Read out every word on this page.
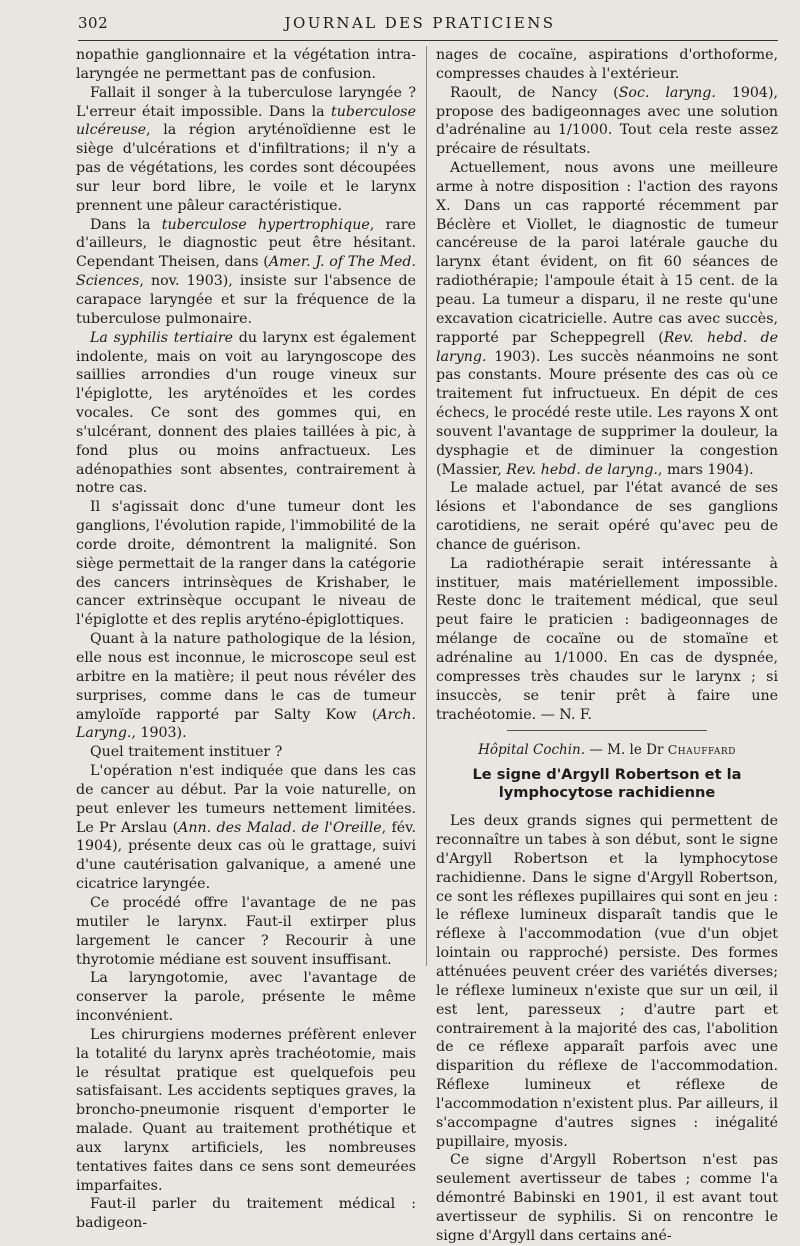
302	JOURNAL DES PRATICIENS

nopathie ganglionnaire et la végétation intra-laryngée ne permettant pas de confusion.

Fallait il songer à la tuberculose laryngée ? L'erreur était impossible. Dans la tuberculose ulcéreuse, la région aryténoïdienne est le siège d'ulcérations et d'infiltrations; il n'y a pas de végétations, les cordes sont découpées sur leur bord libre, le voile et le larynx prennent une pâleur caractéristique.

Dans la tuberculose hypertrophique, rare d'ailleurs, le diagnostic peut être hésitant. Cependant Theisen, dans (Amer. J. of The Med. Sciences, nov. 1903), insiste sur l'absence de carapace laryngée et sur la fréquence de la tuberculose pulmonaire.

La syphilis tertiaire du larynx est également indolente, mais on voit au laryngoscope des saillies arrondies d'un rouge vineux sur l'épiglotte, les aryténoïdes et les cordes vocales. Ce sont des gommes qui, en s'ulcérant, donnent des plaies taillées à pic, à fond plus ou moins anfractueux. Les adénopathies sont absentes, contrairement à notre cas.

Il s'agissait donc d'une tumeur dont les ganglions, l'évolution rapide, l'immobilité de la corde droite, démontrent la malignité. Son siège permettait de la ranger dans la catégorie des cancers intrinsèques de Krishaber, le cancer extrinsèque occupant le niveau de l'épiglotte et des replis aryténo-épiglottiques.

Quant à la nature pathologique de la lésion, elle nous est inconnue, le microscope seul est arbitre en la matière; il peut nous révéler des surprises, comme dans le cas de tumeur amyloïde rapporté par Salty Kow (Arch. Laryng., 1903).

Quel traitement instituer ?

L'opération n'est indiquée que dans les cas de cancer au début. Par la voie naturelle, on peut enlever les tumeurs nettement limitées. Le Pr Arslau (Ann. des Malad. de l'Oreille, fév. 1904), présente deux cas où le grattage, suivi d'une cautérisation galvanique, a amené une cicatrice laryngée.

Ce procédé offre l'avantage de ne pas mutiler le larynx. Faut-il extirper plus largement le cancer ? Recourir à une thyrotomie médiane est souvent insuffisant.

La laryngotomie, avec l'avantage de conserver la parole, présente le même inconvénient.

Les chirurgiens modernes préfèrent enlever la totalité du larynx après trachéotomie, mais le résultat pratique est quelquefois peu satisfaisant. Les accidents septiques graves, la broncho-pneumonie risquent d'emporter le malade. Quant au traitement prothétique et aux larynx artificiels, les nombreuses tentatives faites dans ce sens sont demeurées imparfaites.

Faut-il parler du traitement médical : badigeon-

nages de cocaïne, aspirations d'orthoforme, compresses chaudes à l'extérieur.

Raoult, de Nancy (Soc. laryng. 1904), propose des badigeonnages avec une solution d'adrénaline au 1/1000. Tout cela reste assez précaire de résultats.

Actuellement, nous avons une meilleure arme à notre disposition : l'action des rayons X. Dans un cas rapporté récemment par Béclère et Viollet, le diagnostic de tumeur cancéreuse de la paroi latérale gauche du larynx étant évident, on fit 60 séances de radiothérapie; l'ampoule était à 15 cent. de la peau. La tumeur a disparu, il ne reste qu'une excavation cicatricielle. Autre cas avec succès, rapporté par Scheppegrell (Rev. hebd. de laryng. 1903). Les succès néanmoins ne sont pas constants. Moure présente des cas où ce traitement fut infructueux. En dépit de ces échecs, le procédé reste utile. Les rayons X ont souvent l'avantage de supprimer la douleur, la dysphagie et de diminuer la congestion (Massier, Rev. hebd. de laryng., mars 1904).

Le malade actuel, par l'état avancé de ses lésions et l'abondance de ses ganglions carotidiens, ne serait opéré qu'avec peu de chance de guérison.

La radiothérapie serait intéressante à instituer, mais matériellement impossible. Reste donc le traitement médical, que seul peut faire le praticien : badigeonnages de mélange de cocaïne ou de stomaïne et adrénaline au 1/1000. En cas de dyspnée, compresses très chaudes sur le larynx ; si insuccès, se tenir prêt à faire une trachéotomie. — N. F.

Hôpital Cochin. — M. le Dr Chauffard

Le signe d'Argyll Robertson et la lymphocytose rachidienne

Les deux grands signes qui permettent de reconnaître un tabes à son début, sont le signe d'Argyll Robertson et la lymphocytose rachidienne. Dans le signe d'Argyll Robertson, ce sont les réflexes pupillaires qui sont en jeu : le réflexe lumineux disparaît tandis que le réflexe à l'accommodation (vue d'un objet lointain ou rapproché) persiste. Des formes atténuées peuvent créer des variétés diverses; le réflexe lumineux n'existe que sur un œil, il est lent, paresseux ; d'autre part et contrairement à la majorité des cas, l'abolition de ce réflexe apparaît parfois avec une disparition du réflexe de l'accommodation. Réflexe lumineux et réflexe de l'accommodation n'existent plus. Par ailleurs, il s'accompagne d'autres signes : inégalité pupillaire, myosis.

Ce signe d'Argyll Robertson n'est pas seulement avertisseur de tabes ; comme l'a démontré Babinski en 1901, il est avant tout avertisseur de syphilis. Si on rencontre le signe d'Argyll dans certains ané-
